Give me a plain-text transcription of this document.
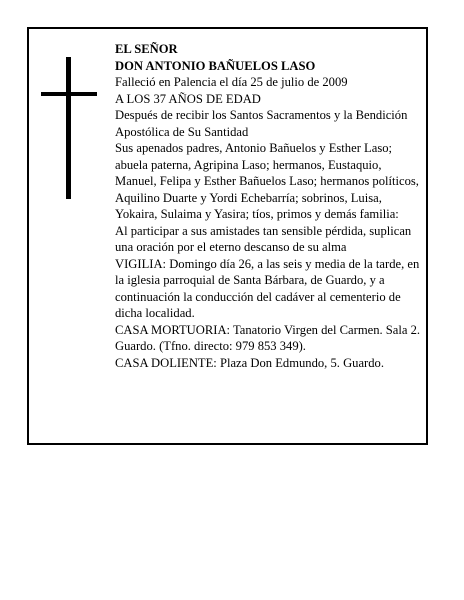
EL SEÑOR

DON ANTONIO BAÑUELOS LASO

Falleció en Palencia el día 25 de julio de 2009

A LOS 37 AÑOS DE EDAD

Después de recibir los Santos Sacramentos y la Bendición Apostólica de Su Santidad

Sus apenados padres, Antonio Bañuelos y Esther Laso; abuela paterna, Agripina Laso; hermanos, Eustaquio, Manuel, Felipa y Esther Bañuelos Laso; hermanos políticos, Aquilino Duarte y Yordi Echebarría; sobrinos, Luisa, Yokaira, Sulaima y Yasira; tíos, primos y demás familia:

Al participar a sus amistades tan sensible pérdida, suplican una oración por el eterno descanso de su alma

VIGILIA: Domingo día 26, a las seis y media de la tarde, en la iglesia parroquial de Santa Bárbara, de Guardo, y a continuación la conducción del cadáver al cementerio de dicha localidad.

CASA MORTUORIA: Tanatorio Virgen del Carmen. Sala 2. Guardo. (Tfno. directo: 979 853 349).

CASA DOLIENTE: Plaza Don Edmundo, 5. Guardo.
